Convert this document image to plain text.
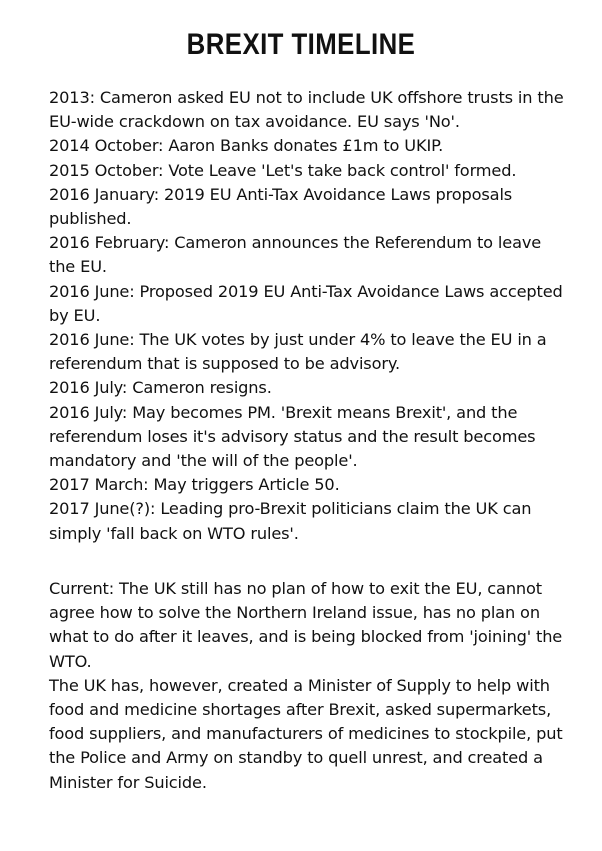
BREXIT TIMELINE

2013: Cameron asked EU not to include UK offshore trusts in the EU-wide crackdown on tax avoidance. EU says 'No'.

2014 October: Aaron Banks donates £1m to UKIP.

2015 October: Vote Leave 'Let's take back control' formed.

2016 January: 2019 EU Anti-Tax Avoidance Laws proposals published.

2016 February: Cameron announces the Referendum to leave the EU.

2016 June: Proposed 2019 EU Anti-Tax Avoidance Laws accepted by EU.

2016 June: The UK votes by just under 4% to leave the EU in a referendum that is supposed to be advisory.

2016 July: Cameron resigns.

2016 July: May becomes PM. 'Brexit means Brexit', and the referendum loses it's advisory status and the result becomes mandatory and 'the will of the people'.

2017 March: May triggers Article 50.

2017 June(?): Leading pro-Brexit politicians claim the UK can simply 'fall back on WTO rules'.

Current: The UK still has no plan of how to exit the EU, cannot agree how to solve the Northern Ireland issue, has no plan on what to do after it leaves, and is being blocked from 'joining' the WTO.

The UK has, however, created a Minister of Supply to help with food and medicine shortages after Brexit, asked supermarkets, food suppliers, and manufacturers of medicines to stockpile, put the Police and Army on standby to quell unrest, and created a Minister for Suicide.
